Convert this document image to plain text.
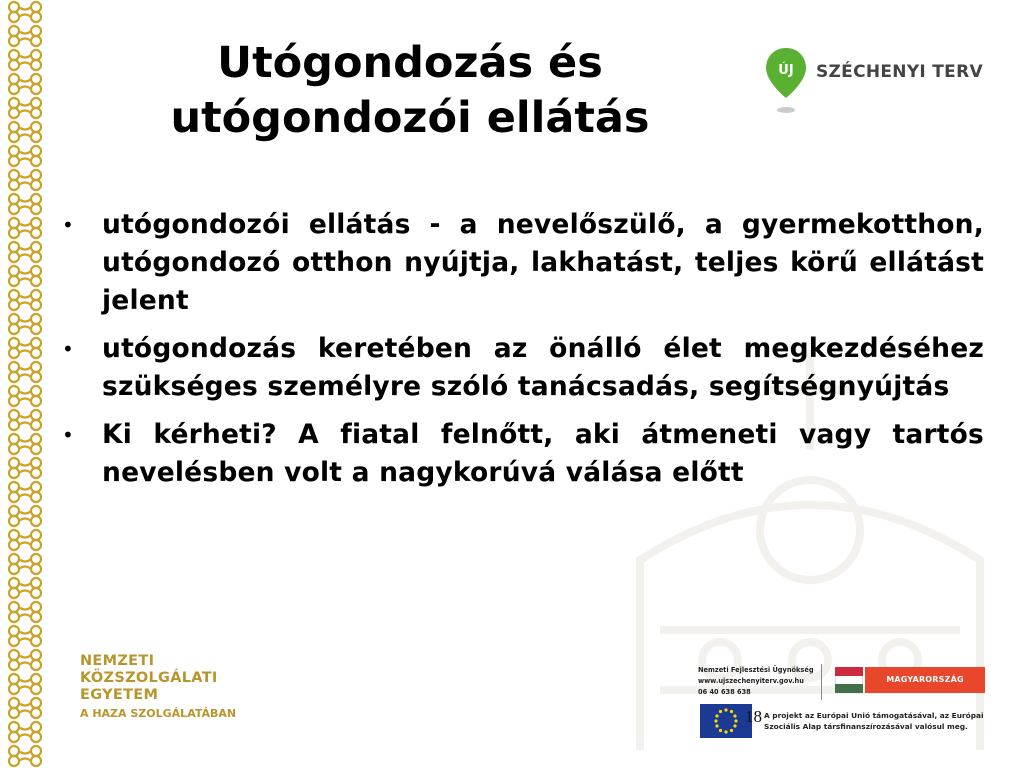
Utógondozás és
utógondozói ellátás
ÚJ SZÉCHENYI TERV
• utógondozói ellátás - a nevelőszülő, a gyermekotthon, utógondozó otthon nyújtja, lakhatást, teljes körű ellátást jelent
• utógondozás keretében az önálló élet megkezdéséhez szükséges személyre szóló tanácsadás, segítségnyújtás
• Ki kérheti? A fiatal felnőtt, aki átmeneti vagy tartós nevelésben volt a nagykorúvá válása előtt
NEMZETI
KÖZSZOLGÁLATI
EGYETEM
A HAZA SZOLGÁLATÁBAN
Nemzeti Fejlesztési Ügynökség
www.ujszechenyiterv.gov.hu
06 40 638 638
MAGYARORSZÁG MEGÚJUL
A projekt az Európai Unió támogatásával, az Európai Szociális Alap társfinanszírozásával valósul meg.
18
